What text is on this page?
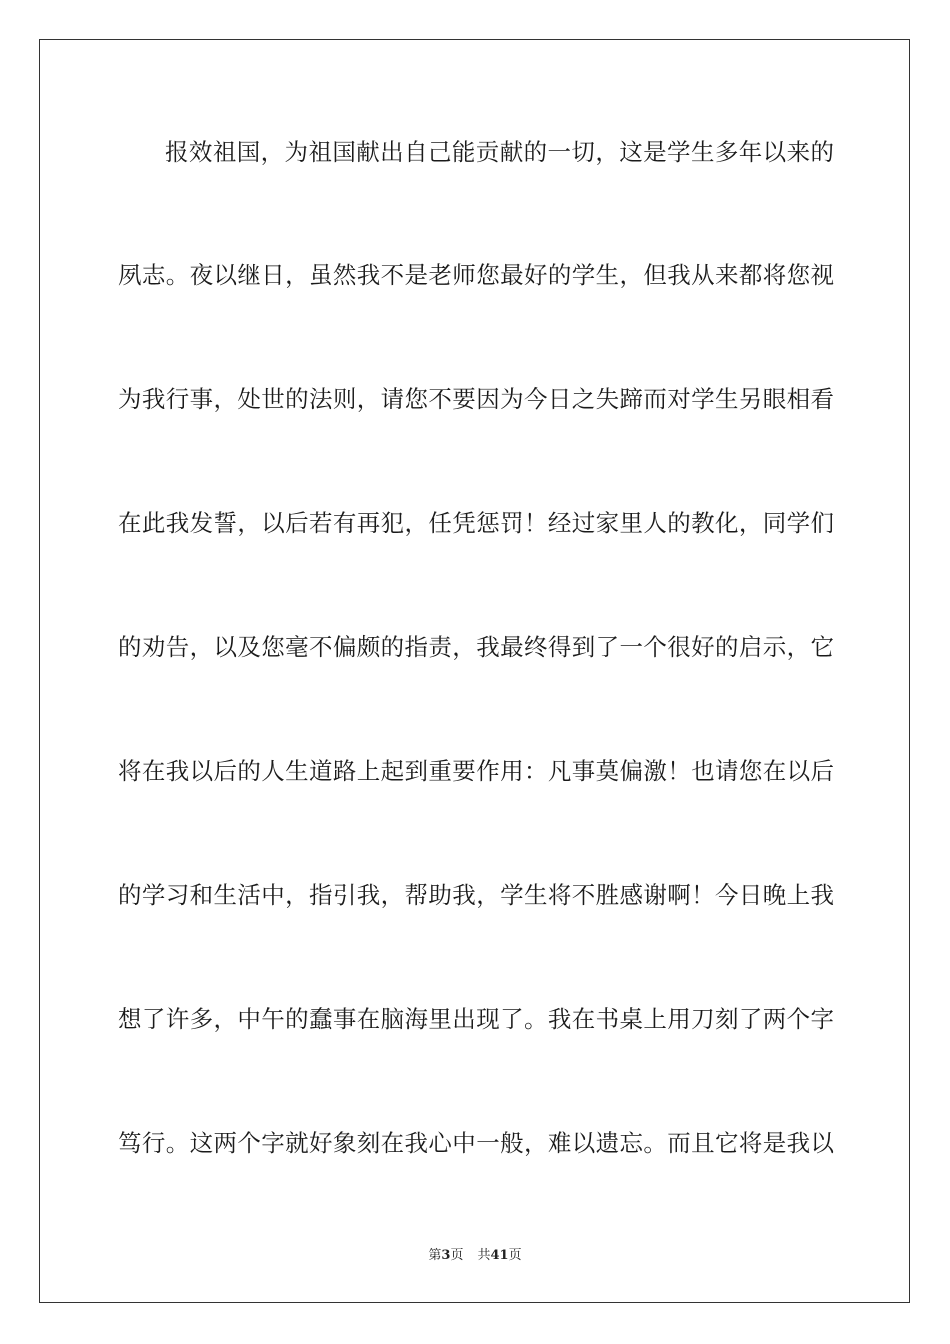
报效祖国，为祖国献出自己能贡献的一切，这是学生多年以来的
夙志。夜以继日，虽然我不是老师您最好的学生，但我从来都将您视
为我行事，处世的法则，请您不要因为今日之失蹄而对学生另眼相看
在此我发誓，以后若有再犯，任凭惩罚！经过家里人的教化，同学们
的劝告，以及您毫不偏颇的指责，我最终得到了一个很好的启示，它
将在我以后的人生道路上起到重要作用：凡事莫偏激！也请您在以后
的学习和生活中，指引我，帮助我，学生将不胜感谢啊！今日晚上我
想了许多，中午的蠢事在脑海里出现了。我在书桌上用刀刻了两个字
笃行。这两个字就好象刻在我心中一般，难以遗忘。而且它将是我以
第3页 共41页
